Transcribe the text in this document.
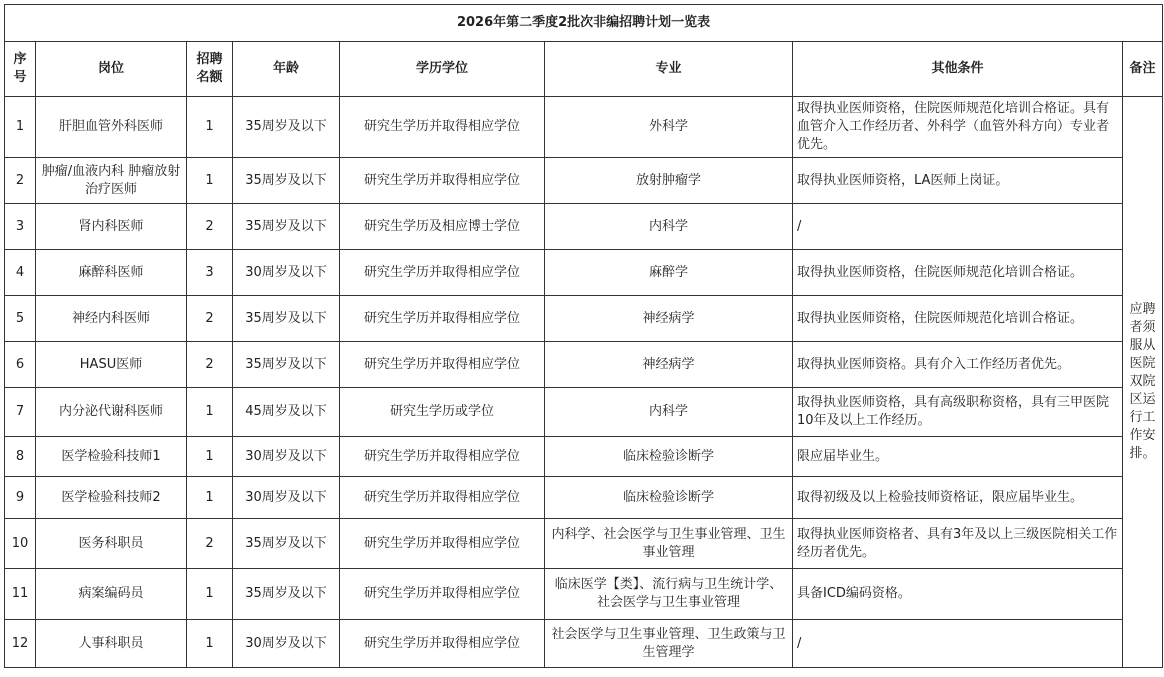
2026年第二季度2批次非编招聘计划一览表							
序号	岗位	招聘名额	年龄	学历学位	专业	其他条件	备注
1	肝胆血管外科医师	1	35周岁及以下	研究生学历并取得相应学位	外科学	取得执业医师资格，住院医师规范化培训合格证。具有血管介入工作经历者、外科学（血管外科方向）专业者优先。	应聘者须服从医院双院区运行工作安排。
2	肿瘤/血液内科 肿瘤放射治疗医师	1	35周岁及以下	研究生学历并取得相应学位	放射肿瘤学	取得执业医师资格，LA医师上岗证。	
3	肾内科医师	2	35周岁及以下	研究生学历及相应博士学位	内科学	/	
4	麻醉科医师	3	30周岁及以下	研究生学历并取得相应学位	麻醉学	取得执业医师资格，住院医师规范化培训合格证。	
5	神经内科医师	2	35周岁及以下	研究生学历并取得相应学位	神经病学	取得执业医师资格，住院医师规范化培训合格证。	
6	HASU医师	2	35周岁及以下	研究生学历并取得相应学位	神经病学	取得执业医师资格。具有介入工作经历者优先。	
7	内分泌代谢科医师	1	45周岁及以下	研究生学历或学位	内科学	取得执业医师资格，具有高级职称资格，具有三甲医院10年及以上工作经历。	
8	医学检验科技师1	1	30周岁及以下	研究生学历并取得相应学位	临床检验诊断学	限应届毕业生。	
9	医学检验科技师2	1	30周岁及以下	研究生学历并取得相应学位	临床检验诊断学	取得初级及以上检验技师资格证，限应届毕业生。	
10	医务科职员	2	35周岁及以下	研究生学历并取得相应学位	内科学、社会医学与卫生事业管理、卫生事业管理	取得执业医师资格者、具有3年及以上三级医院相关工作经历者优先。	
11	病案编码员	1	35周岁及以下	研究生学历并取得相应学位	临床医学【类】、流行病与卫生统计学、社会医学与卫生事业管理	具备ICD编码资格。	
12	人事科职员	1	30周岁及以下	研究生学历并取得相应学位	社会医学与卫生事业管理、卫生政策与卫生管理学	/	
